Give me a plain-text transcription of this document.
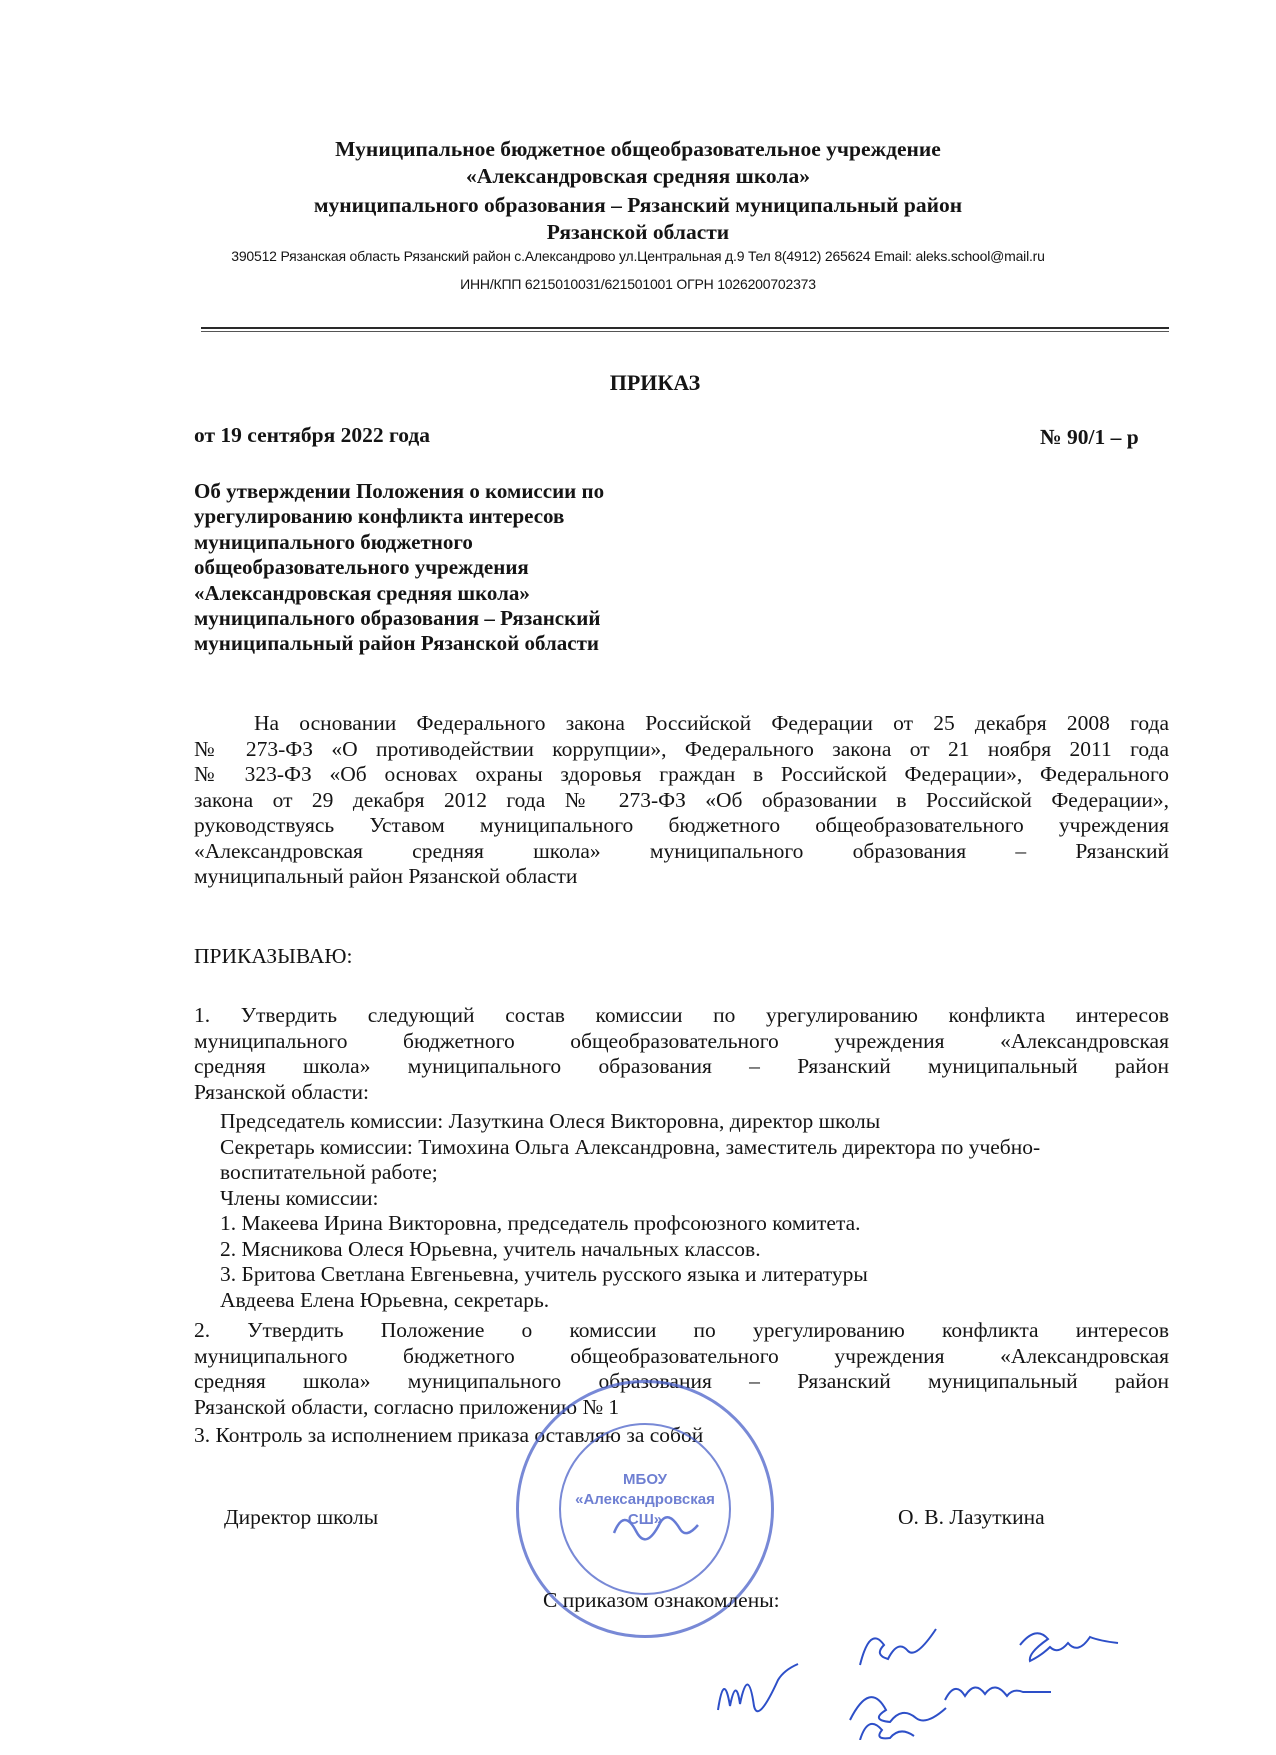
Муниципальное бюджетное общеобразовательное учреждение
«Александровская средняя школа»
муниципального образования – Рязанский муниципальный район
Рязанской области
390512 Рязанская область Рязанский район с.Александрово ул.Центральная д.9 Тел 8(4912) 265624 Email: aleks.school@mail.ru
ИНН/КПП 6215010031/621501001 ОГРН 1026200702373
ПРИКАЗ
от 19 сентября 2022 года	№ 90/1 – р
Об утверждении Положения о комиссии по
урегулированию конфликта интересов
муниципального бюджетного
общеобразовательного учреждения
«Александровская средняя школа»
муниципального образования – Рязанский
муниципальный район Рязанской области
На основании Федерального закона Российской Федерации от 25 декабря 2008 года
№ 273-ФЗ «О противодействии коррупции», Федерального закона от 21 ноября 2011 года
№ 323-ФЗ «Об основах охраны здоровья граждан в Российской Федерации», Федерального
закона от 29 декабря 2012 года № 273-ФЗ «Об образовании в Российской Федерации»,
руководствуясь Уставом муниципального бюджетного общеобразовательного учреждения
«Александровская средняя школа» муниципального образования – Рязанский
муниципальный район Рязанской области
ПРИКАЗЫВАЮ:
1. Утвердить следующий состав комиссии по урегулированию конфликта интересов
муниципального бюджетного общеобразовательного учреждения «Александровская
средняя школа» муниципального образования – Рязанский муниципальный район
Рязанской области:
Председатель комиссии: Лазуткина Олеся Викторовна, директор школы
Секретарь комиссии: Тимохина Ольга Александровна, заместитель директора по учебно-
воспитательной работе;
Члены комиссии:
1. Макеева Ирина Викторовна, председатель профсоюзного комитета.
2. Мясникова Олеся Юрьевна, учитель начальных классов.
3. Бритова Светлана Евгеньевна, учитель русского языка и литературы
Авдеева Елена Юрьевна, секретарь.
2. Утвердить Положение о комиссии по урегулированию конфликта интересов
муниципального бюджетного общеобразовательного учреждения «Александровская
средняя школа» муниципального образования – Рязанский муниципальный район
Рязанской области, согласно приложению № 1
3. Контроль за исполнением приказа оставляю за собой
МБОУ
«Александровская
СШ»
Директор школы	О. В. Лазуткина
С приказом ознакомлены:
